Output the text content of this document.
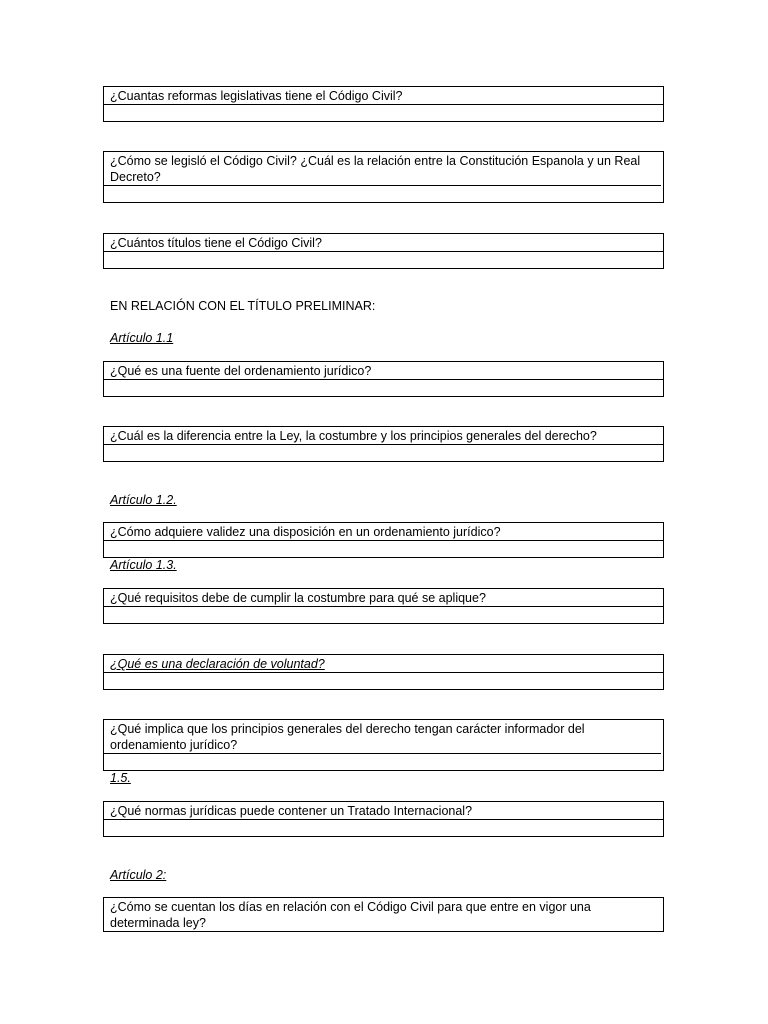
¿Cuantas reformas legislativas tiene el Código Civil?
¿Cómo se legisló el Código Civil? ¿Cuál es la relación entre la Constitución Espanola y un Real Decreto?
¿Cuántos títulos tiene el Código Civil?
EN RELACIÓN CON EL TÍTULO PRELIMINAR:
Artículo 1.1
¿Qué es una fuente del ordenamiento jurídico?
¿Cuál es la diferencia entre la Ley, la costumbre y los principios generales del derecho?
Artículo 1.2.
¿Cómo adquiere validez una disposición en un ordenamiento jurídico?
Artículo 1.3.
¿Qué requisitos debe de cumplir la costumbre para qué se aplique?
¿Qué es una declaración de voluntad?
¿Qué implica que los principios generales del derecho tengan carácter informador del ordenamiento jurídico?
1.5.
¿Qué normas jurídicas puede contener un Tratado Internacional?
Artículo 2:
¿Cómo se cuentan los días en relación con el Código Civil para que entre en vigor una determinada ley?
